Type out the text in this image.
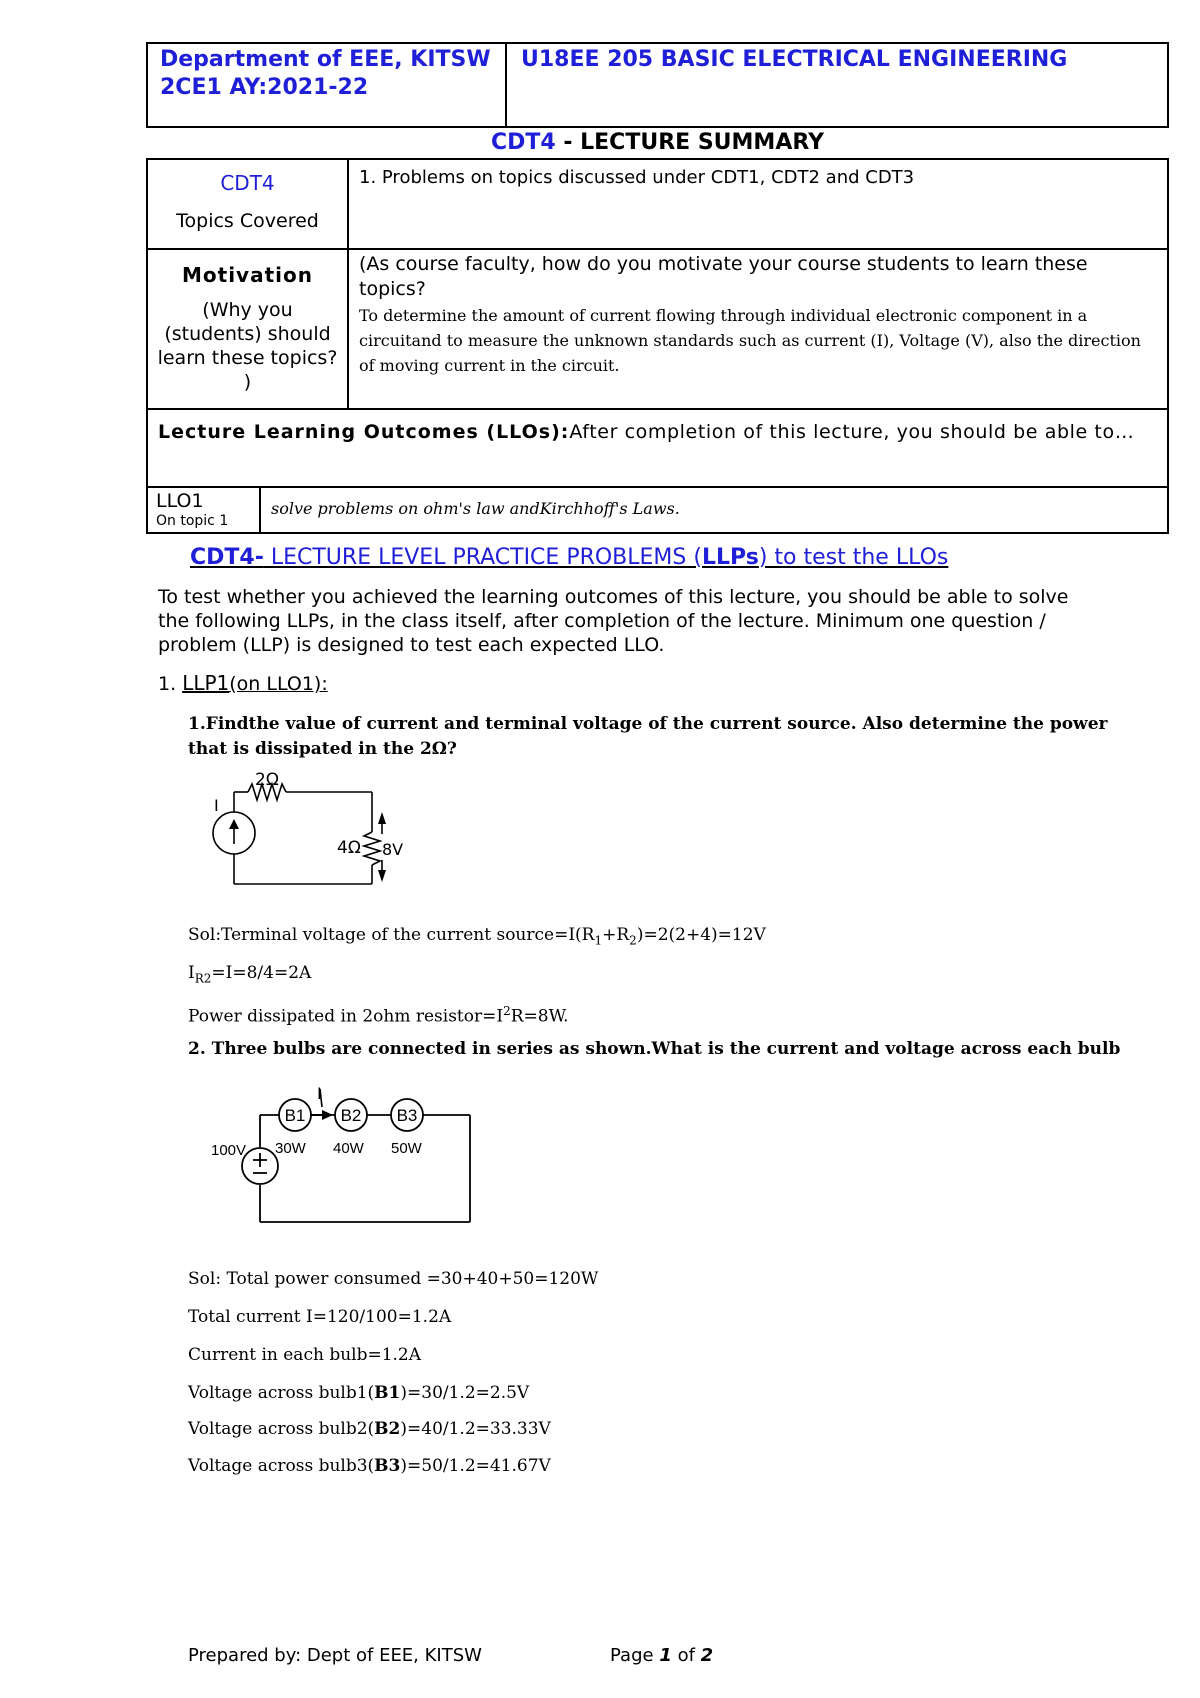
Department of EEE, KITSW 2CE1 AY:2021-22
U18EE 205 BASIC ELECTRICAL ENGINEERING
CDT4 - LECTURE SUMMARY
CDT4
Topics Covered
1. Problems on topics discussed under CDT1, CDT2 and CDT3
Motivation
(Why you (students) should learn these topics? )
(As course faculty, how do you motivate your course students to learn these topics?
To determine the amount of current flowing through individual electronic component in a circuitand to measure the unknown standards such as current (I), Voltage (V), also the direction of moving current in the circuit.
Lecture Learning Outcomes (LLOs):After completion of this lecture, you should be able to…
LLO1
On topic 1
solve problems on ohm's law andKirchhoff's Laws.
CDT4- LECTURE LEVEL PRACTICE PROBLEMS (LLPs) to test the LLOs
To test whether you achieved the learning outcomes of this lecture, you should be able to solve the following LLPs, in the class itself, after completion of the lecture. Minimum one question / problem (LLP) is designed to test each expected LLO.
1. LLP1(on LLO1):
1.Findthe value of current and terminal voltage of the current source. Also determine the power that is dissipated in the 2Ω?
2Ω
I
4Ω 8V
Sol:Terminal voltage of the current $source=I(R_1+R_2)=2(2+4)=12V$
$I_{R2}=I=8/4=2A$
Power dissipated in 2ohm $resistor=I^2R=8W$.
2. Three bulbs are connected in series as shown.What is the current and voltage across each bulb
I
B1 B2 B3
30W 40W 50W
100V
Sol: Total power consumed =30+40+50=120W
Total current I=120/100=1.2A
Current in each bulb=1.2A
Voltage across bulb1(B1)=30/1.2=2.5V
Voltage across bulb2(B2)=40/1.2=33.33V
Voltage across bulb3(B3)=50/1.2=41.67V
Prepared by: Dept of EEE, KITSW	Page 1 of 2
